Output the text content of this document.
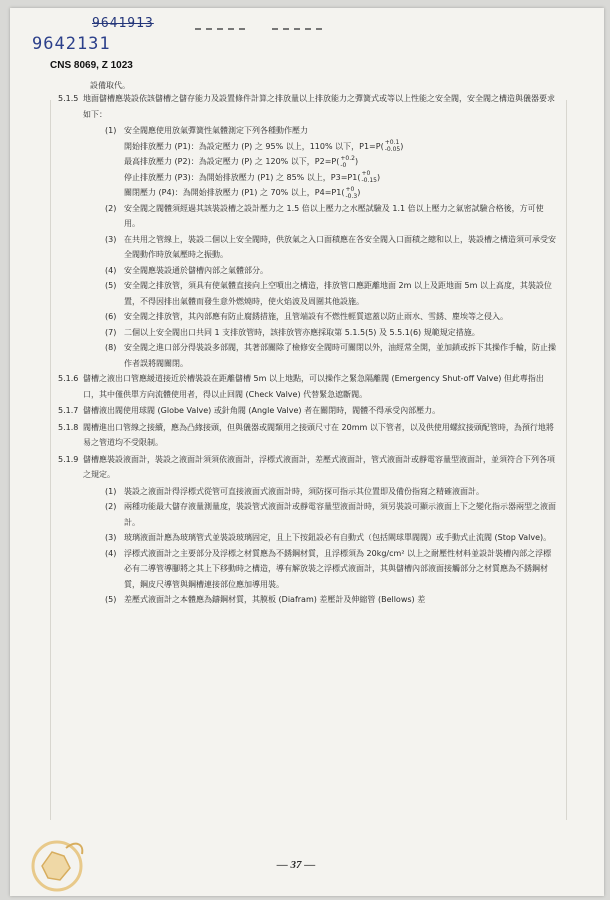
9641913
9642131
CNS 8069, Z 1023
設備取代。
5.1.5 地面儲槽應裝設依該儲槽之儲存能力及設置條件計算之排放量以上排放能力之彈簧式或等以上性能之安全閥，安全閥之構造與儀器要求如下：
(1) 安全閥應使用放氣彈簧性氣體測定下列各種動作壓力
開始排放壓力 (P1)：為設定壓力 (P) 之 95% 以上，110% 以下，P1=P( +0.1
-0.05 )
最高排放壓力 (P2)：為設定壓力 (P) 之 120% 以下，P2=P( +0.2
-0	)
停止排放壓力 (P3)：為開始排放壓力 (P1) 之 85% 以上，P3=P1( +0
-0.15 )
關閉壓力 (P4)：為開始排放壓力 (P1) 之 70% 以上，P4=P1( +0
-0.3 )
(2) 安全閥之閥體須經過其該裝設槽之設計壓力之 1.5 倍以上壓力之水壓試驗及 1.1 倍以上壓力之氣密試驗合格後，方可使用。
(3) 在共用之管線上，裝設二個以上安全閥時，供放氣之入口面積應在各安全閥入口面積之總和以上，裝設槽之構造須可承受安全閥動作時放氣壓時之振動。
(4) 安全閥應裝設通於儲槽內部之氣體部分。
(5) 安全閥之排放管，須具有使氣體直接向上空噴出之構造，排放管口應距離地面 2m 以上及距地面 5m 以上高度，其裝設位置，不得因排出氣體而發生意外燃燒時，使火焰波及周圍其他設施。
(6) 安全閥之排放管，其內部應有防止腐銹措施，且管端設有不燃性輕質遮蓋以防止雨水、雪銹、塵埃等之侵入。
(7) 二個以上安全閥出口共同 1 支排放管時，該排放管亦應採取第 5.1.5(5) 及 5.5.1(6) 規範規定措施。
(8) 安全閥之進口部分得裝設多部閥，其著部關除了檢修安全閥時可關閉以外，油經常全開，並加鎖或拆下其操作手輪，防止操作者誤將閥關閉。
5.1.6 儲槽之液出口管應緩道接近於槽裝設在距離儲槽 5m 以上地點，可以操作之緊急隔離閥 (Emergency Shut-off Valve) 但此專指出口，其中僅供單方向流體使用者，得以止回閥 (Check Valve) 代替緊急遮斷閥。
5.1.7 儲槽液出閥使用球閥 (Globe Valve) 或針角閥 (Angle Valve) 者在關閉時，閥體不得承受內部壓力。
5.1.8 閥槽進出口管線之接續，應為凸緣接頭，但與儀器或閥類用之接頭尺寸在 20mm 以下管者，以及供使用螺紋接頭配管時，為預行地將易之管道均不受限制。
5.1.9 儲槽應裝設液面計，裝設之液面計須須依液面計，浮標式液面計，差壓式液面計，管式液面計或靜電容量型液面計，並須符合下列各項之規定。
(1) 裝設之液面計得浮標式從管可直接液面式液面計時，須防探可指示其位置即及備份指寫之精確液面計。
(2) 兩種功能最大儲存液量測量度，裝設管式液面計或靜電容量型液面計時，須另裝設可顯示液面上下之變化指示器兩型之液面計。
(3) 玻璃液面計應為玻璃管式並裝設玻璃固定，且上下按鈕設必有自動式（包括閘球單閥閥）或手動式止流閥 (Stop Valve)。
(4) 浮標式液面計之主要部分及浮標之材質應為不銹鋼材質，且浮標須為 20kg/cm² 以上之耐壓性材料並設計裝槽內部之浮標必有二導管導腳將之其上下移動時之構造，導有解放裝之浮標式液面計，其與儲槽內部液面接觸部分之材質應為不銹鋼材質，鋼皮尺導管與鋼槽連接部位應加導用裝。
(5) 差壓式液面計之本體應為鑄鋼材質，其膜板 (Diafram) 差壓計及伸縮管 (Bellows) 差
— 37 —
